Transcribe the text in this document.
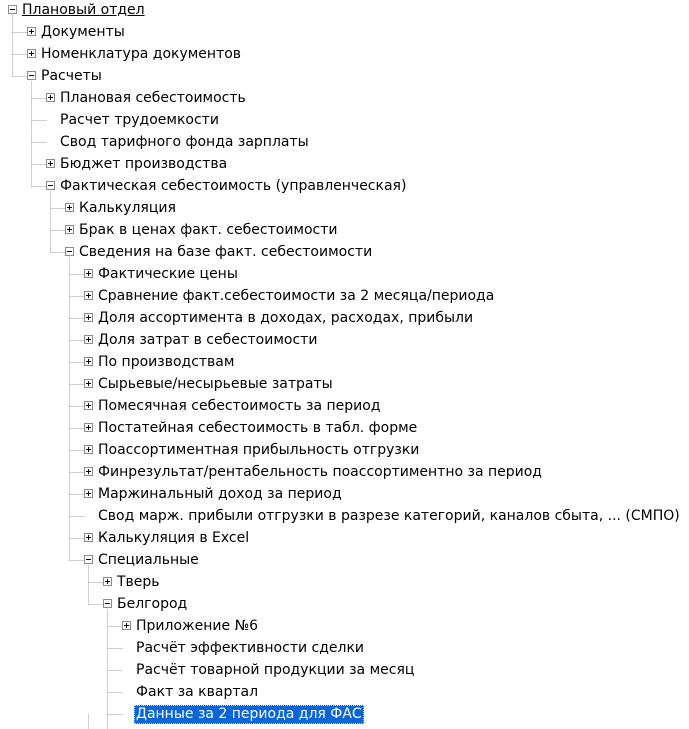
Плановый отдел
Документы
Номенклатура документов
Расчеты
Плановая себестоимость
Расчет трудоемкости
Свод тарифного фонда зарплаты
Бюджет производства
Фактическая себестоимость (управленческая)
Калькуляция
Брак в ценах факт. себестоимости
Сведения на базе факт. себестоимости
Фактические цены
Сравнение факт.себестоимости за 2 месяца/периода
Доля ассортимента в доходах, расходах, прибыли
Доля затрат в себестоимости
По производствам
Сырьевые/несырьевые затраты
Помесячная себестоимость за период
Постатейная себестоимость в табл. форме
Поассортиментная прибыльность отгрузки
Финрезультат/рентабельность поассортиментно за период
Маржинальный доход за период
Свод марж. прибыли отгрузки в разрезе категорий, каналов сбыта, ... (СМПО)
Калькуляция в Excel
Специальные
Тверь
Белгород
Приложение №6
Расчёт эффективности сделки
Расчёт товарной продукции за месяц
Факт за квартал
Данные за 2 периода для ФАС
